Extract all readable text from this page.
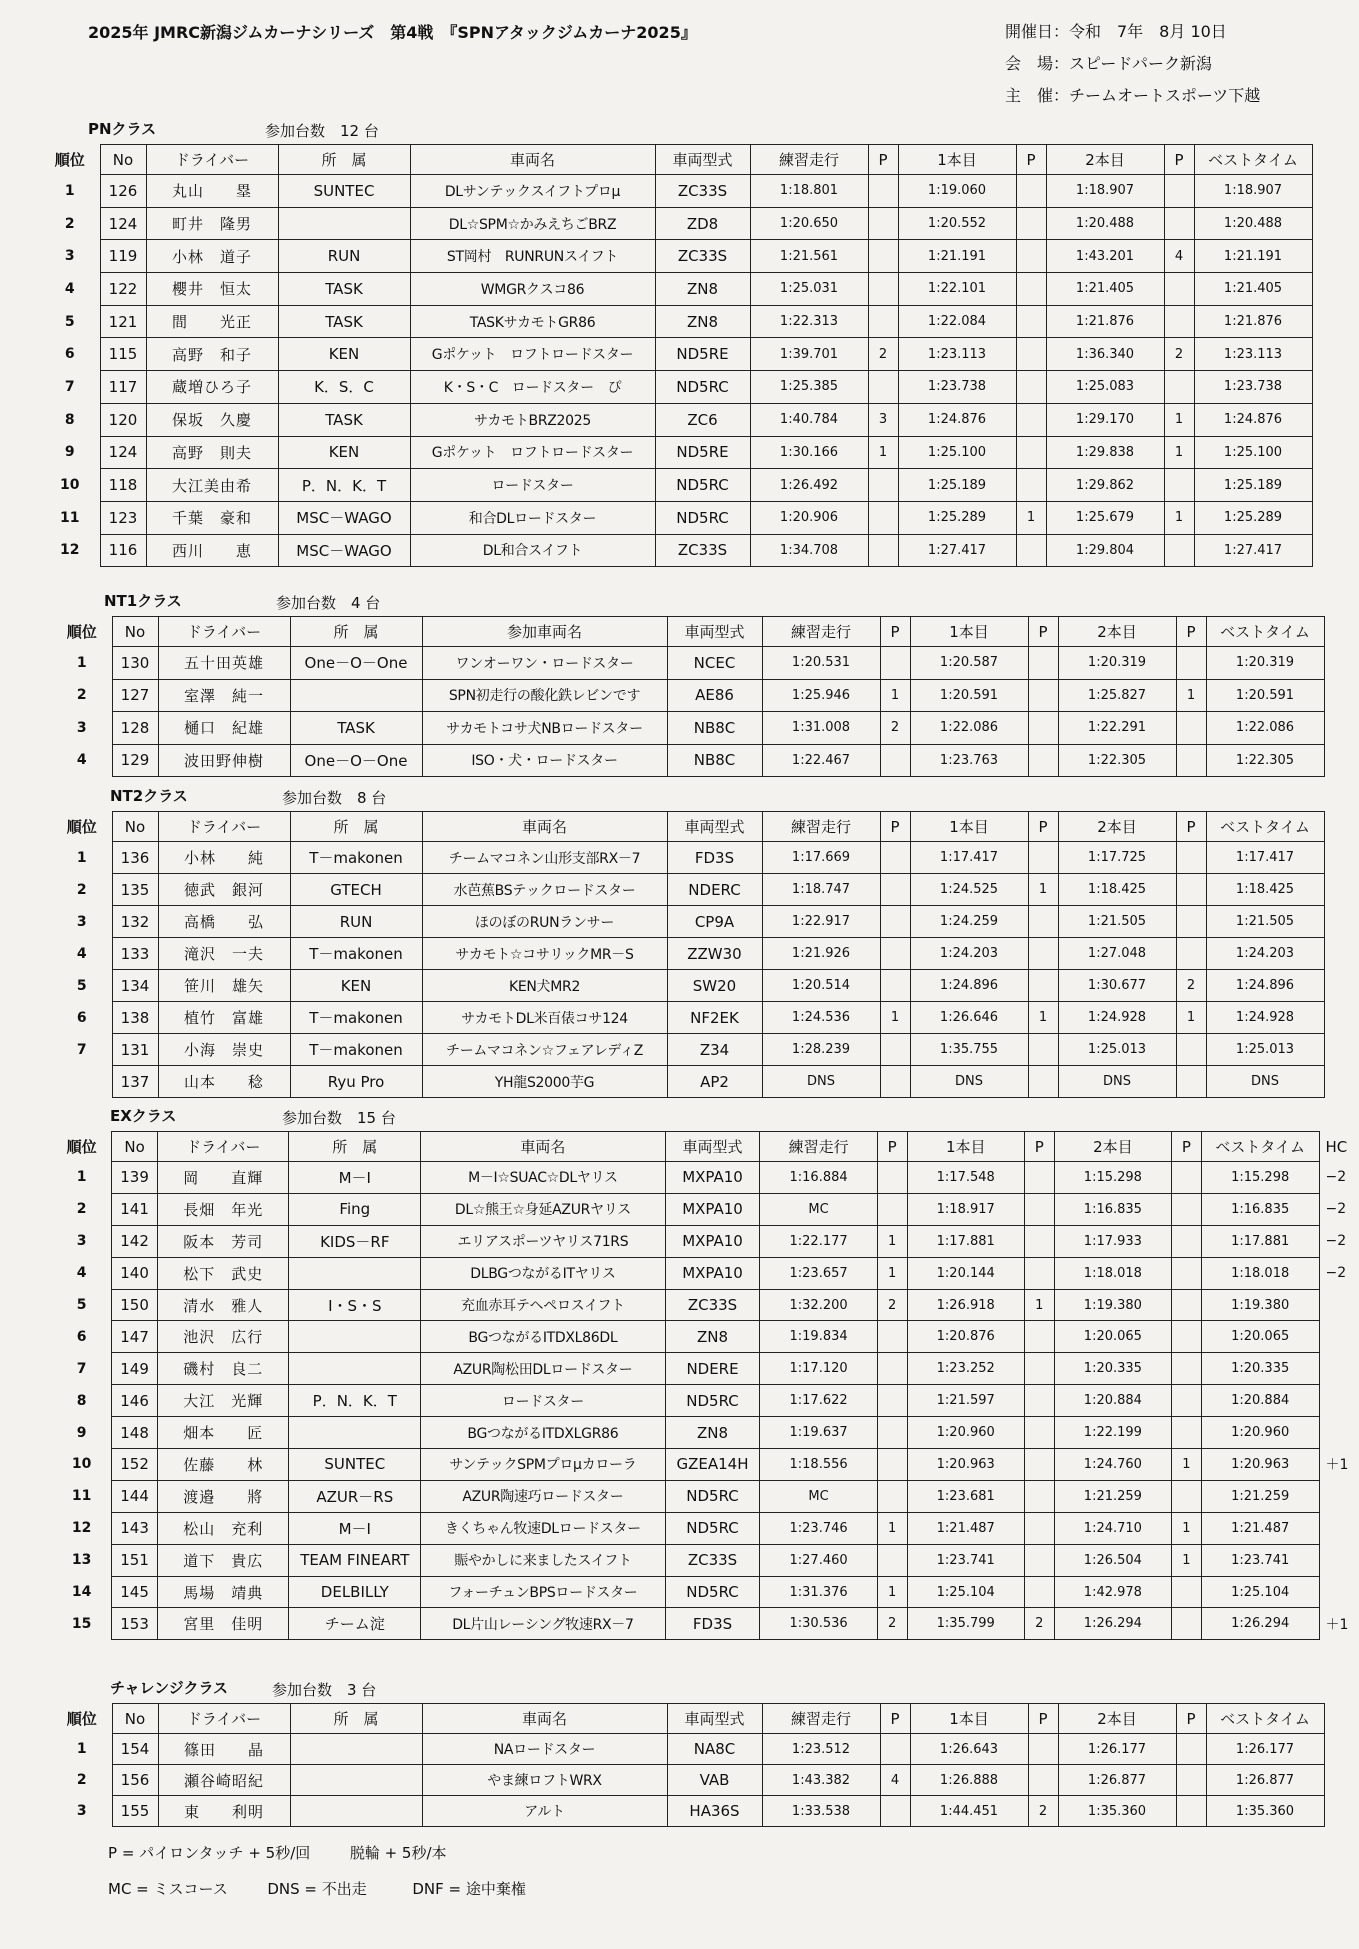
2025年 JMRC新潟ジムカーナシリーズ　第4戦　『SPNアタックジムカーナ2025』	開催日：令和　7年　8月 10日
会　場：スピードパーク新潟
主　催：チームオートスポーツ下越
PNクラス	参加台数　12 台
順位	No	ドライバー	所　属	車両名	車両型式	練習走行	P	1本目	P	2本目	P	ベストタイム
1	126	丸山　　塁	SUNTEC	DLサンテックスイフトプロμ	ZC33S	1:18.801		1:19.060		1:18.907		1:18.907
2	124	町井　隆男		DL☆SPM☆かみえちごBRZ	ZD8	1:20.650		1:20.552		1:20.488		1:20.488
3	119	小林　道子	RUN	ST岡村　RUNRUNスイフト	ZC33S	1:21.561		1:21.191		1:43.201	4	1:21.191
4	122	櫻井　恒太	TASK	WMGRクスコ86	ZN8	1:25.031		1:22.101		1:21.405		1:21.405
5	121	間　　光正	TASK	TASKサカモトGR86	ZN8	1:22.313		1:22.084		1:21.876		1:21.876
6	115	高野　和子	KEN	Gポケット　ロフトロードスター	ND5RE	1:39.701	2	1:23.113		1:36.340	2	1:23.113
7	117	蔵増ひろ子	K．S．C	K・S・C　ロードスター　ぴ	ND5RC	1:25.385		1:23.738		1:25.083		1:23.738
8	120	保坂　久慶	TASK	サカモトBRZ2025	ZC6	1:40.784	3	1:24.876		1:29.170	1	1:24.876
9	124	高野　則夫	KEN	Gポケット　ロフトロードスター	ND5RE	1:30.166	1	1:25.100		1:29.838	1	1:25.100
10	118	大江美由希	P．N．K．T	ロードスター	ND5RC	1:26.492		1:25.189		1:29.862		1:25.189
11	123	千葉　豪和	MSC－WAGO	和合DLロードスター	ND5RC	1:20.906		1:25.289	1	1:25.679	1	1:25.289
12	116	西川　　恵	MSC－WAGO	DL和合スイフト	ZC33S	1:34.708		1:27.417		1:29.804		1:27.417
NT1クラス	参加台数　4 台
順位	No	ドライバー	所　属	参加車両名	車両型式	練習走行	P	1本目	P	2本目	P	ベストタイム
1	130	五十田英雄	One－O－One	ワンオーワン・ロードスター	NCEC	1:20.531		1:20.587		1:20.319		1:20.319
2	127	室澤　純一		SPN初走行の酸化鉄レビンです	AE86	1:25.946	1	1:20.591		1:25.827	1	1:20.591
3	128	樋口　紀雄	TASK	サカモトコサ犬NBロードスター	NB8C	1:31.008	2	1:22.086		1:22.291		1:22.086
4	129	波田野伸樹	One－O－One	ISO・犬・ロードスター	NB8C	1:22.467		1:23.763		1:22.305		1:22.305
NT2クラス	参加台数　8 台
順位	No	ドライバー	所　属	車両名	車両型式	練習走行	P	1本目	P	2本目	P	ベストタイム
1	136	小林　　純	T－makonen	チームマコネン山形支部RX－7	FD3S	1:17.669		1:17.417		1:17.725		1:17.417
2	135	徳武　銀河	GTECH	水芭蕉BSテックロードスター	NDERC	1:18.747		1:24.525	1	1:18.425		1:18.425
3	132	高橋　　弘	RUN	ほのぼのRUNランサー	CP9A	1:22.917		1:24.259		1:21.505		1:21.505
4	133	滝沢　一夫	T－makonen	サカモト☆コサリックMR－S	ZZW30	1:21.926		1:24.203		1:27.048		1:24.203
5	134	笹川　雄矢	KEN	KEN犬MR2	SW20	1:20.514		1:24.896		1:30.677	2	1:24.896
6	138	植竹　富雄	T－makonen	サカモトDL米百俵コサ124	NF2EK	1:24.536	1	1:26.646	1	1:24.928	1	1:24.928
7	131	小海　崇史	T－makonen	チームマコネン☆フェアレディZ	Z34	1:28.239		1:35.755		1:25.013		1:25.013
	137	山本　　稔	Ryu Pro	YH龍S2000芋G	AP2	DNS		DNS		DNS		DNS
EXクラス	参加台数　15 台
順位	No	ドライバー	所　属	車両名	車両型式	練習走行	P	1本目	P	2本目	P	ベストタイム	HC
1	139	岡　　直輝	M－I	M－I☆SUAC☆DLヤリス	MXPA10	1:16.884		1:17.548		1:15.298		1:15.298	−2
2	141	長畑　年光	Fing	DL☆熊王☆身延AZURヤリス	MXPA10	MC		1:18.917		1:16.835		1:16.835	−2
3	142	阪本　芳司	KIDS－RF	エリアスポーツヤリス71RS	MXPA10	1:22.177	1	1:17.881		1:17.933		1:17.881	−2
4	140	松下　武史		DLBGつながるITヤリス	MXPA10	1:23.657	1	1:20.144		1:18.018		1:18.018	−2
5	150	清水　雅人	I・S・S	充血赤耳テヘペロスイフト	ZC33S	1:32.200	2	1:26.918	1	1:19.380		1:19.380	
6	147	池沢　広行		BGつながるITDXL86DL	ZN8	1:19.834		1:20.876		1:20.065		1:20.065	
7	149	磯村　良二		AZUR陶松田DLロードスター	NDERE	1:17.120		1:23.252		1:20.335		1:20.335	
8	146	大江　光輝	P．N．K．T	ロードスター	ND5RC	1:17.622		1:21.597		1:20.884		1:20.884	
9	148	畑本　　匠		BGつながるITDXLGR86	ZN8	1:19.637		1:20.960		1:22.199		1:20.960	
10	152	佐藤　　林	SUNTEC	サンテックSPMプロμカローラ	GZEA14H	1:18.556		1:20.963		1:24.760	1	1:20.963	＋1
11	144	渡邉　　將	AZUR－RS	AZUR陶速巧ロードスター	ND5RC	MC		1:23.681		1:21.259		1:21.259	
12	143	松山　充利	M－I	きくちゃん牧速DLロードスター	ND5RC	1:23.746	1	1:21.487		1:24.710	1	1:21.487	
13	151	道下　貴広	TEAM FINEART	賑やかしに来ましたスイフト	ZC33S	1:27.460		1:23.741		1:26.504	1	1:23.741	
14	145	馬場　靖典	DELBILLY	フォーチュンBPSロードスター	ND5RC	1:31.376	1	1:25.104		1:42.978		1:25.104	
15	153	宮里　佳明	チーム淀	DL片山レーシング牧速RX－7	FD3S	1:30.536	2	1:35.799	2	1:26.294		1:26.294	＋1
チャレンジクラス	参加台数　3 台
順位	No	ドライバー	所　属	車両名	車両型式	練習走行	P	1本目	P	2本目	P	ベストタイム
1	154	篠田　　晶		NAロードスター	NA8C	1:23.512		1:26.643		1:26.177		1:26.177
2	156	瀬谷崎昭紀		やま練ロフトWRX	VAB	1:43.382	4	1:26.888		1:26.877		1:26.877
3	155	東　　利明		アルト	HA36S	1:33.538		1:44.451	2	1:35.360		1:35.360
P = パイロンタッチ + 5秒/回	脱輪 + 5秒/本
MC = ミスコース	DNS = 不出走	DNF = 途中棄権
